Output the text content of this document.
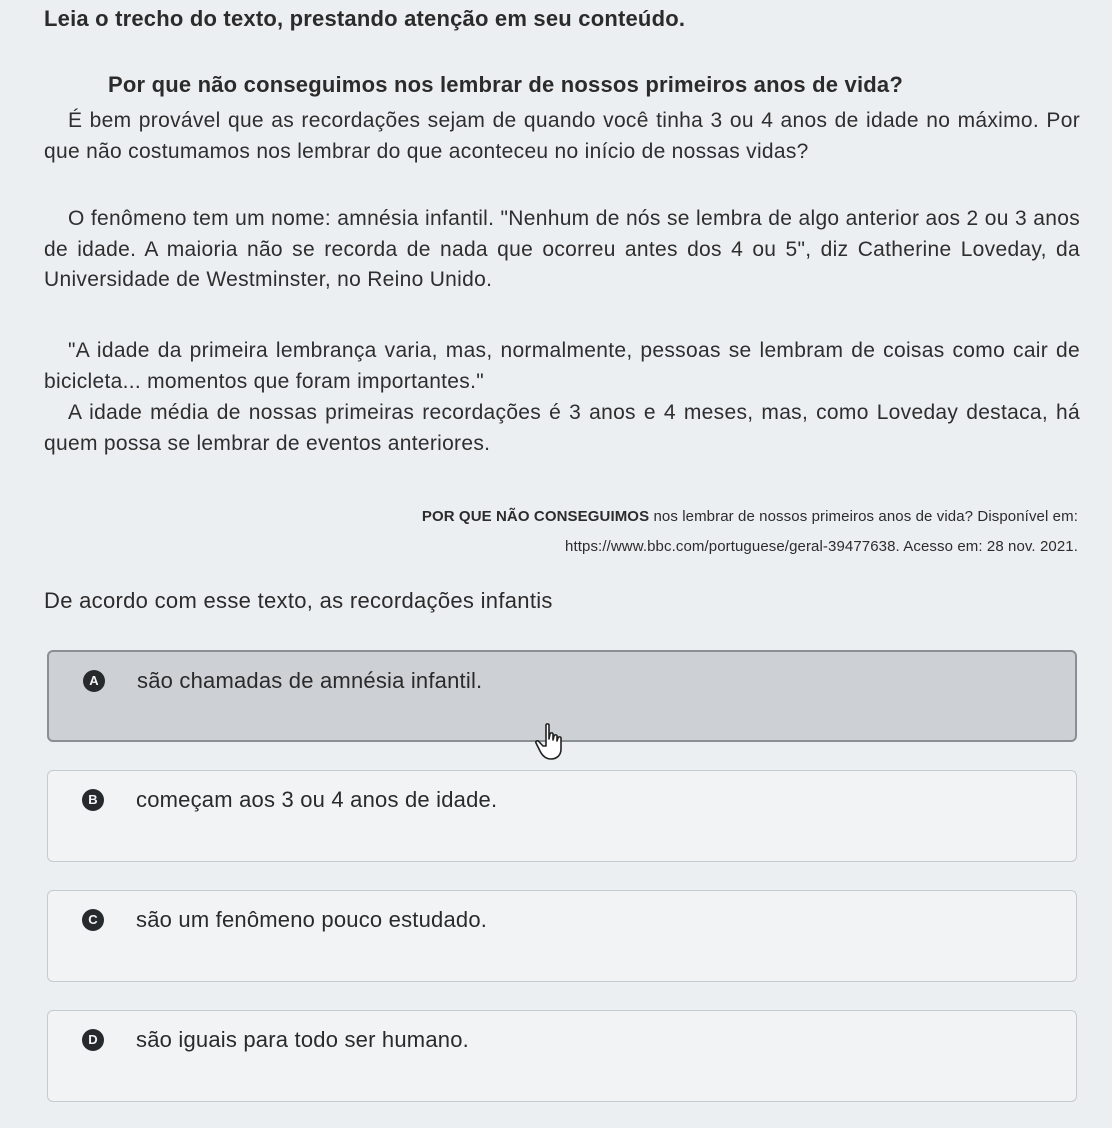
Leia o trecho do texto, prestando atenção em seu conteúdo.
Por que não conseguimos nos lembrar de nossos primeiros anos de vida?
É bem provável que as recordações sejam de quando você tinha 3 ou 4 anos de idade no máximo. Por que não costumamos nos lembrar do que aconteceu no início de nossas vidas?
O fenômeno tem um nome: amnésia infantil. "Nenhum de nós se lembra de algo anterior aos 2 ou 3 anos de idade. A maioria não se recorda de nada que ocorreu antes dos 4 ou 5", diz Catherine Loveday, da Universidade de Westminster, no Reino Unido.
"A idade da primeira lembrança varia, mas, normalmente, pessoas se lembram de coisas como cair de bicicleta... momentos que foram importantes."
A idade média de nossas primeiras recordações é 3 anos e 4 meses, mas, como Loveday destaca, há quem possa se lembrar de eventos anteriores.
POR QUE NÃO CONSEGUIMOS nos lembrar de nossos primeiros anos de vida? Disponível em:
https://www.bbc.com/portuguese/geral-39477638. Acesso em: 28 nov. 2021.
De acordo com esse texto, as recordações infantis
A são chamadas de amnésia infantil.
B começam aos 3 ou 4 anos de idade.
C são um fenômeno pouco estudado.
D são iguais para todo ser humano.
